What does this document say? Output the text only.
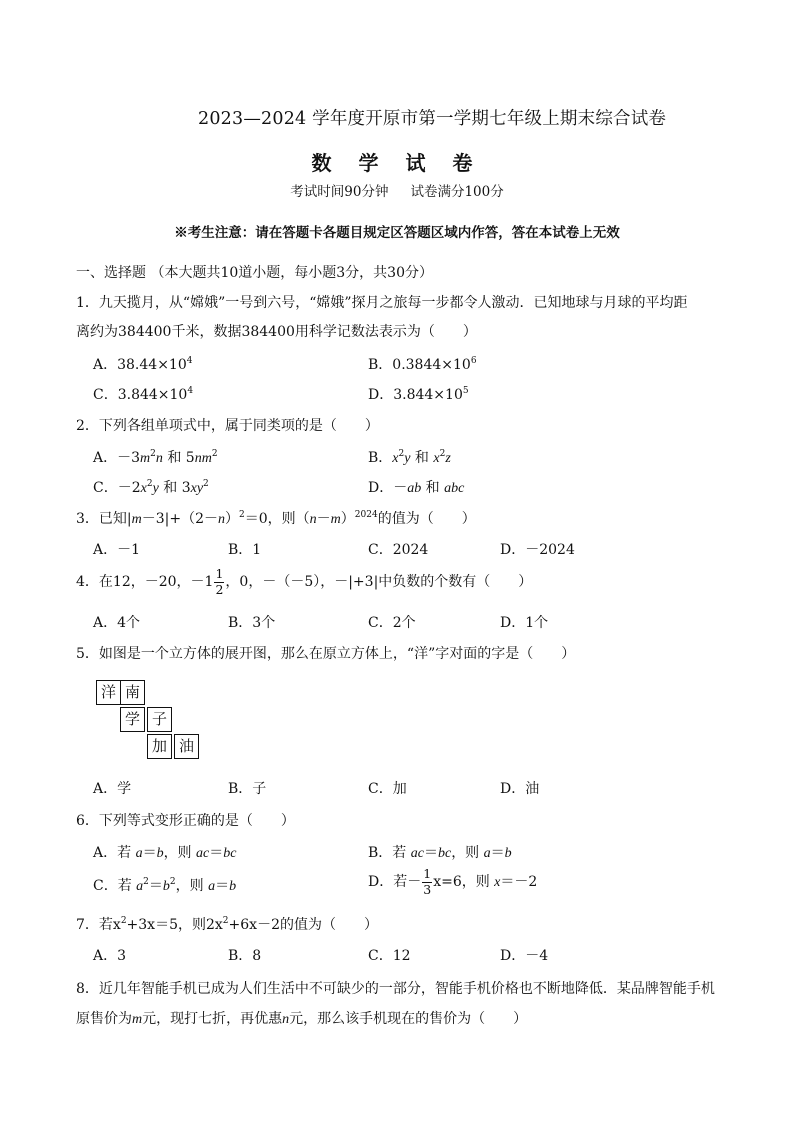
2023—2024 学年度开原市第一学期七年级上期末综合试卷
数 学 试 卷
考试时间90分钟 试卷满分100分
※考生注意：请在答题卡各题目规定区答题区域内作答，答在本试卷上无效
一、选择题 （本大题共10道小题，每小题3分，共30分）
1．九天揽月，从“嫦娥”一号到六号，“嫦娥”探月之旅每一步都令人激动．已知地球与月球的平均距
离约为384400千米，数据384400用科学记数法表示为（　　）
A．$38.44\times 10^4$	B．$0.3844\times 10^6$
C．$3.844\times 10^4$	D．$3.844\times 10^5$
2．下列各组单项式中，属于同类项的是（　　）
A．$-3m^2n$ 和 $5nm^2$	B．$x^2y$ 和 $x^2z$
C．$-2x^2y$ 和 $3xy^2$	D．－ab 和 abc
3．已知$|m-3|+(2-n)^2=0$，则$(n-m)^{2024}$的值为（　　）
A．－1	B．1	C．2024	D．－2024
4．在12，－20，$-1 \frac{1}{2}$ ，0，－（－5），－|+3|中负数的个数有（　　）
A．4个	B．3个	C．2个	D．1个
5．如图是一个立方体的展开图，那么在原立方体上，“洋”字对面的字是（　　）
洋 南
学 子
加 油
A．学	B．子	C．加	D．油
6．下列等式变形正确的是（　　）
A．若 a＝b，则 ac＝bc	B．若 ac＝bc，则 a＝b
C．若 $a^2=b^2$，则 a＝b	D．若－ $\frac{1}{3} x=6$，则 x＝－2
7．若$x^2+3x=5$，则$2x^2+6x-2$的值为（　　）
A．3	B．8	C．12	D．－4
8．近几年智能手机已成为人们生活中不可缺少的一部分，智能手机价格也不断地降低．某品牌智能手机
原售价为m元，现打七折，再优惠n元，那么该手机现在的售价为（　　）
